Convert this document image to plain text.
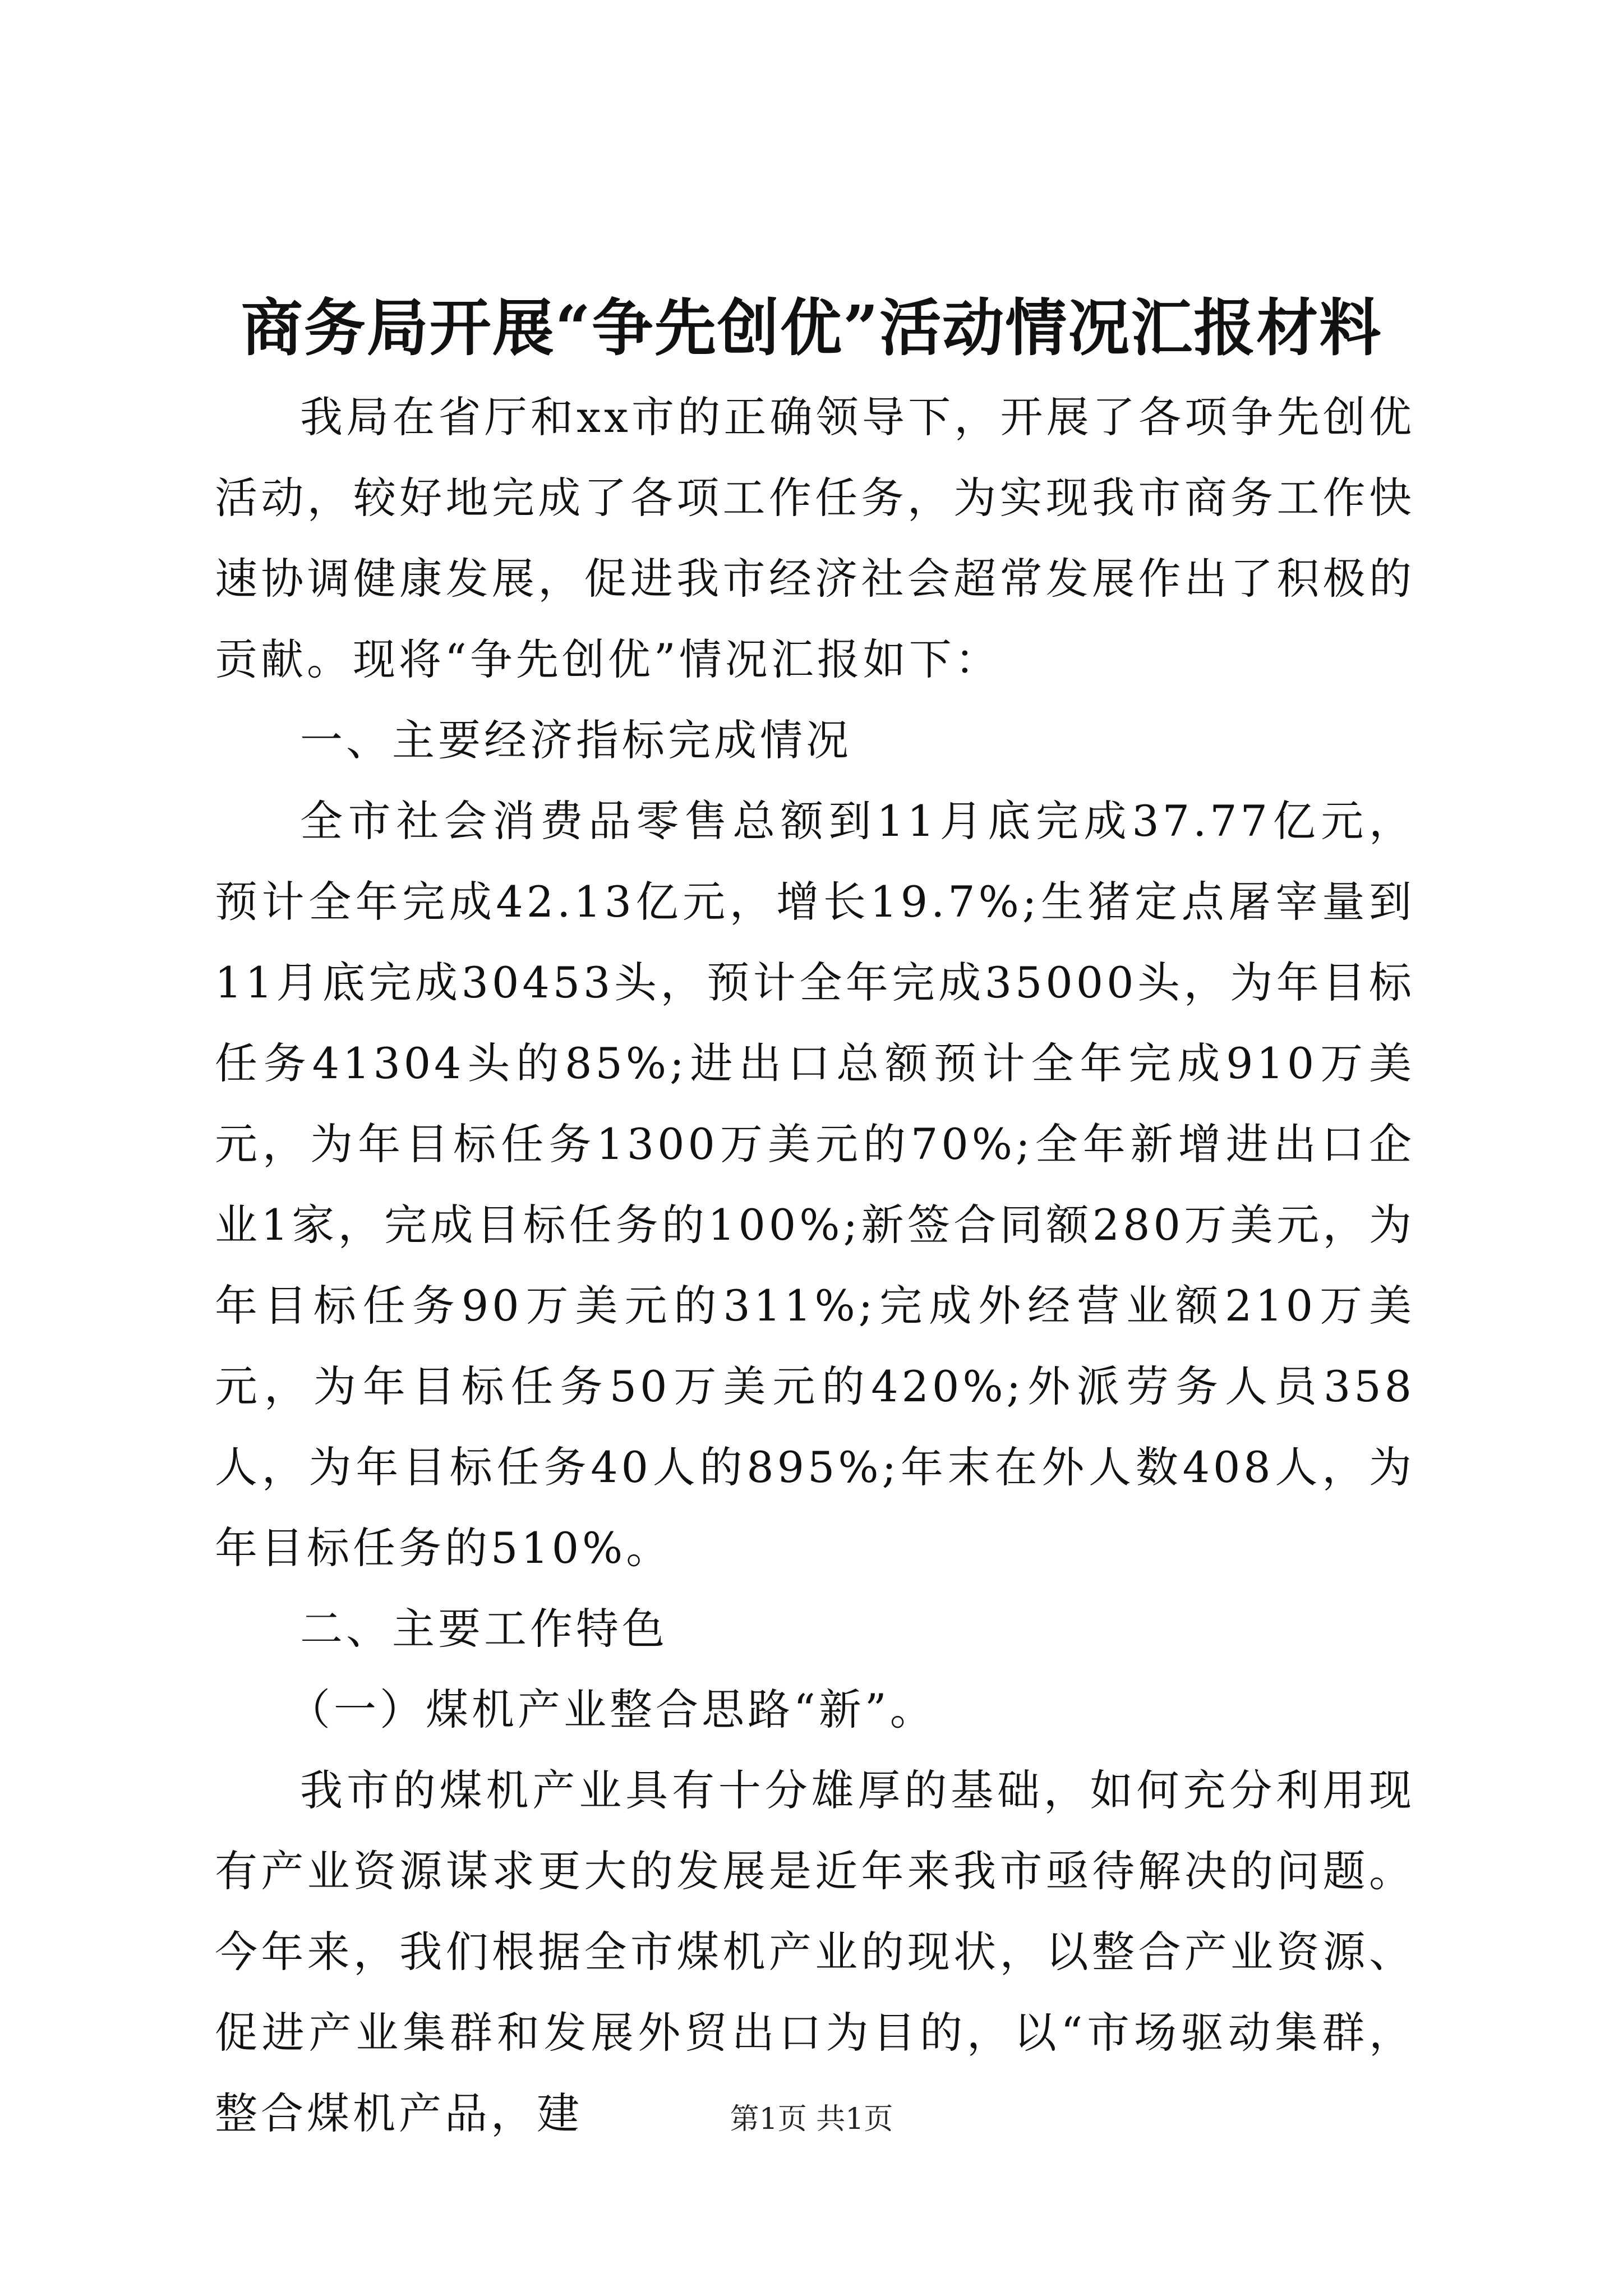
商务局开展“争先创优”活动情况汇报材料

我局在省厅和xx市的正确领导下，开展了各项争先创优活动，较好地完成了各项工作任务，为实现我市商务工作快速协调健康发展，促进我市经济社会超常发展作出了积极的贡献。现将“争先创优”情况汇报如下：

一、主要经济指标完成情况

全市社会消费品零售总额到11月底完成37.77亿元，预计全年完成42.13亿元，增长19.7%;生猪定点屠宰量到11月底完成30453头，预计全年完成35000头，为年目标任务41304头的85%;进出口总额预计全年完成910万美元，为年目标任务1300万美元的70%;全年新增进出口企业1家，完成目标任务的100%;新签合同额280万美元，为年目标任务90万美元的311%;完成外经营业额210万美元，为年目标任务50万美元的420%;外派劳务人员358人，为年目标任务40人的895%;年末在外人数408人，为年目标任务的510%。

二、主要工作特色

（一）煤机产业整合思路“新”。

我市的煤机产业具有十分雄厚的基础，如何充分利用现有产业资源谋求更大的发展是近年来我市亟待解决的问题。今年来，我们根据全市煤机产业的现状，以整合产业资源、促进产业集群和发展外贸出口为目的，以“市场驱动集群，整合煤机产品，建	第1页 共1页
